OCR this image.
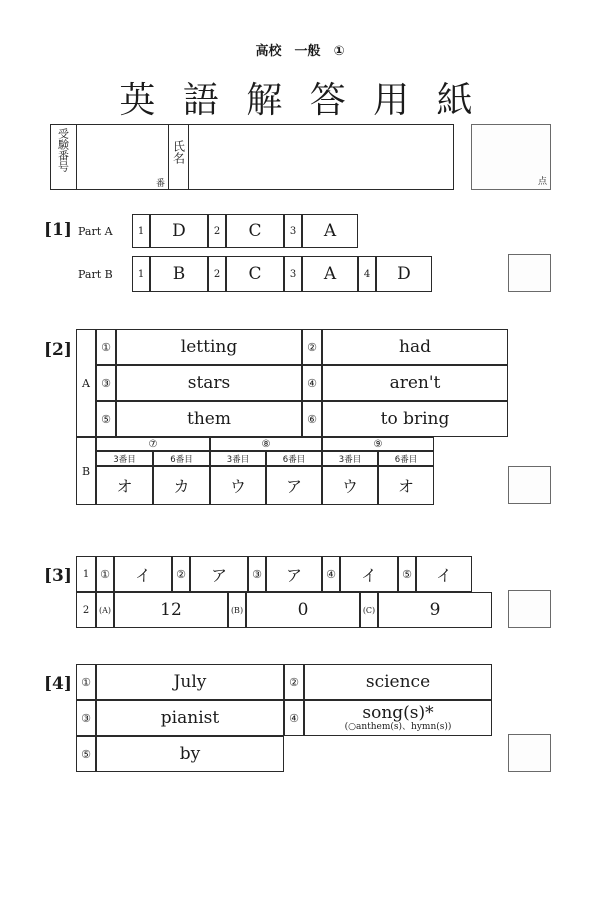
高校　一般　①
英 語 解 答 用 紙
受験番号
番
氏名
点
[1] Part A
Part B
1	D	2	C	3	A
1	B	2	C	3	A	4	D
[2]
A
①	letting	②	had
③	stars	④	aren't
⑤	them	⑥	to bring
B
⑦
3番目	6番目
オ	カ
⑧
3番目	6番目
ウ	ア
⑨
3番目	6番目
ウ	オ
[3]	1 ①	イ	②	ア	③	ア	④	イ	⑤	イ
2	(A)	12	(B)	0	(C)	9
[4] ①	July	②	science
③	pianist	④	song(s)*
(○anthem(s)、hymn(s))
⑤	by
